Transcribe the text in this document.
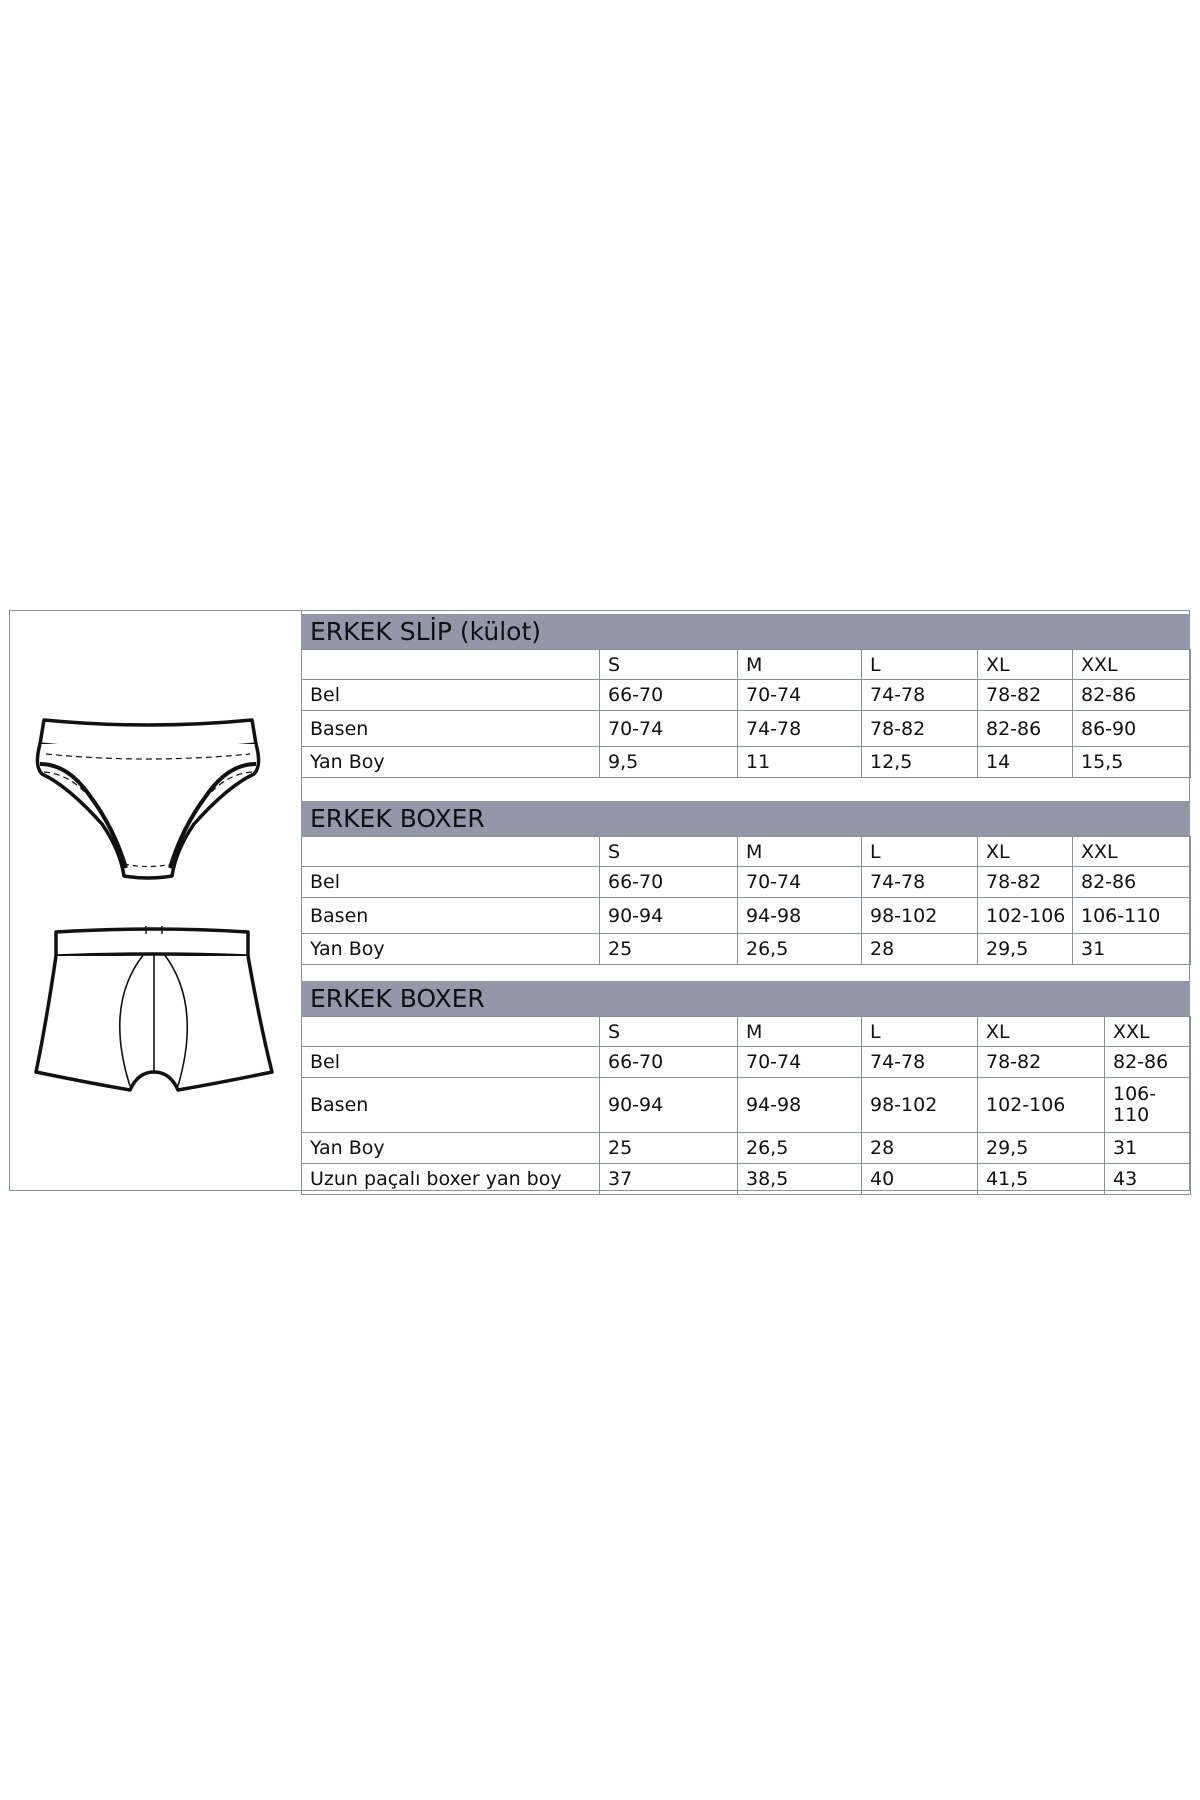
ERKEK SLİP (külot)
	S	M	L	XL	XXL
Bel	66-70	70-74	74-78	78-82	82-86
Basen	70-74	74-78	78-82	82-86	86-90
Yan Boy	9,5	11	12,5	14	15,5
ERKEK BOXER
	S	M	L	XL	XXL
Bel	66-70	70-74	74-78	78-82	82-86
Basen	90-94	94-98	98-102	102-106	106-110
Yan Boy	25	26,5	28	29,5	31
ERKEK BOXER
	S	M	L	XL	XXL
Bel	66-70	70-74	74-78	78-82	82-86
Basen	90-94	94-98	98-102	102-106	106-110
Yan Boy	25	26,5	28	29,5	31
Uzun paçalı boxer yan boy	37	38,5	40	41,5	43
